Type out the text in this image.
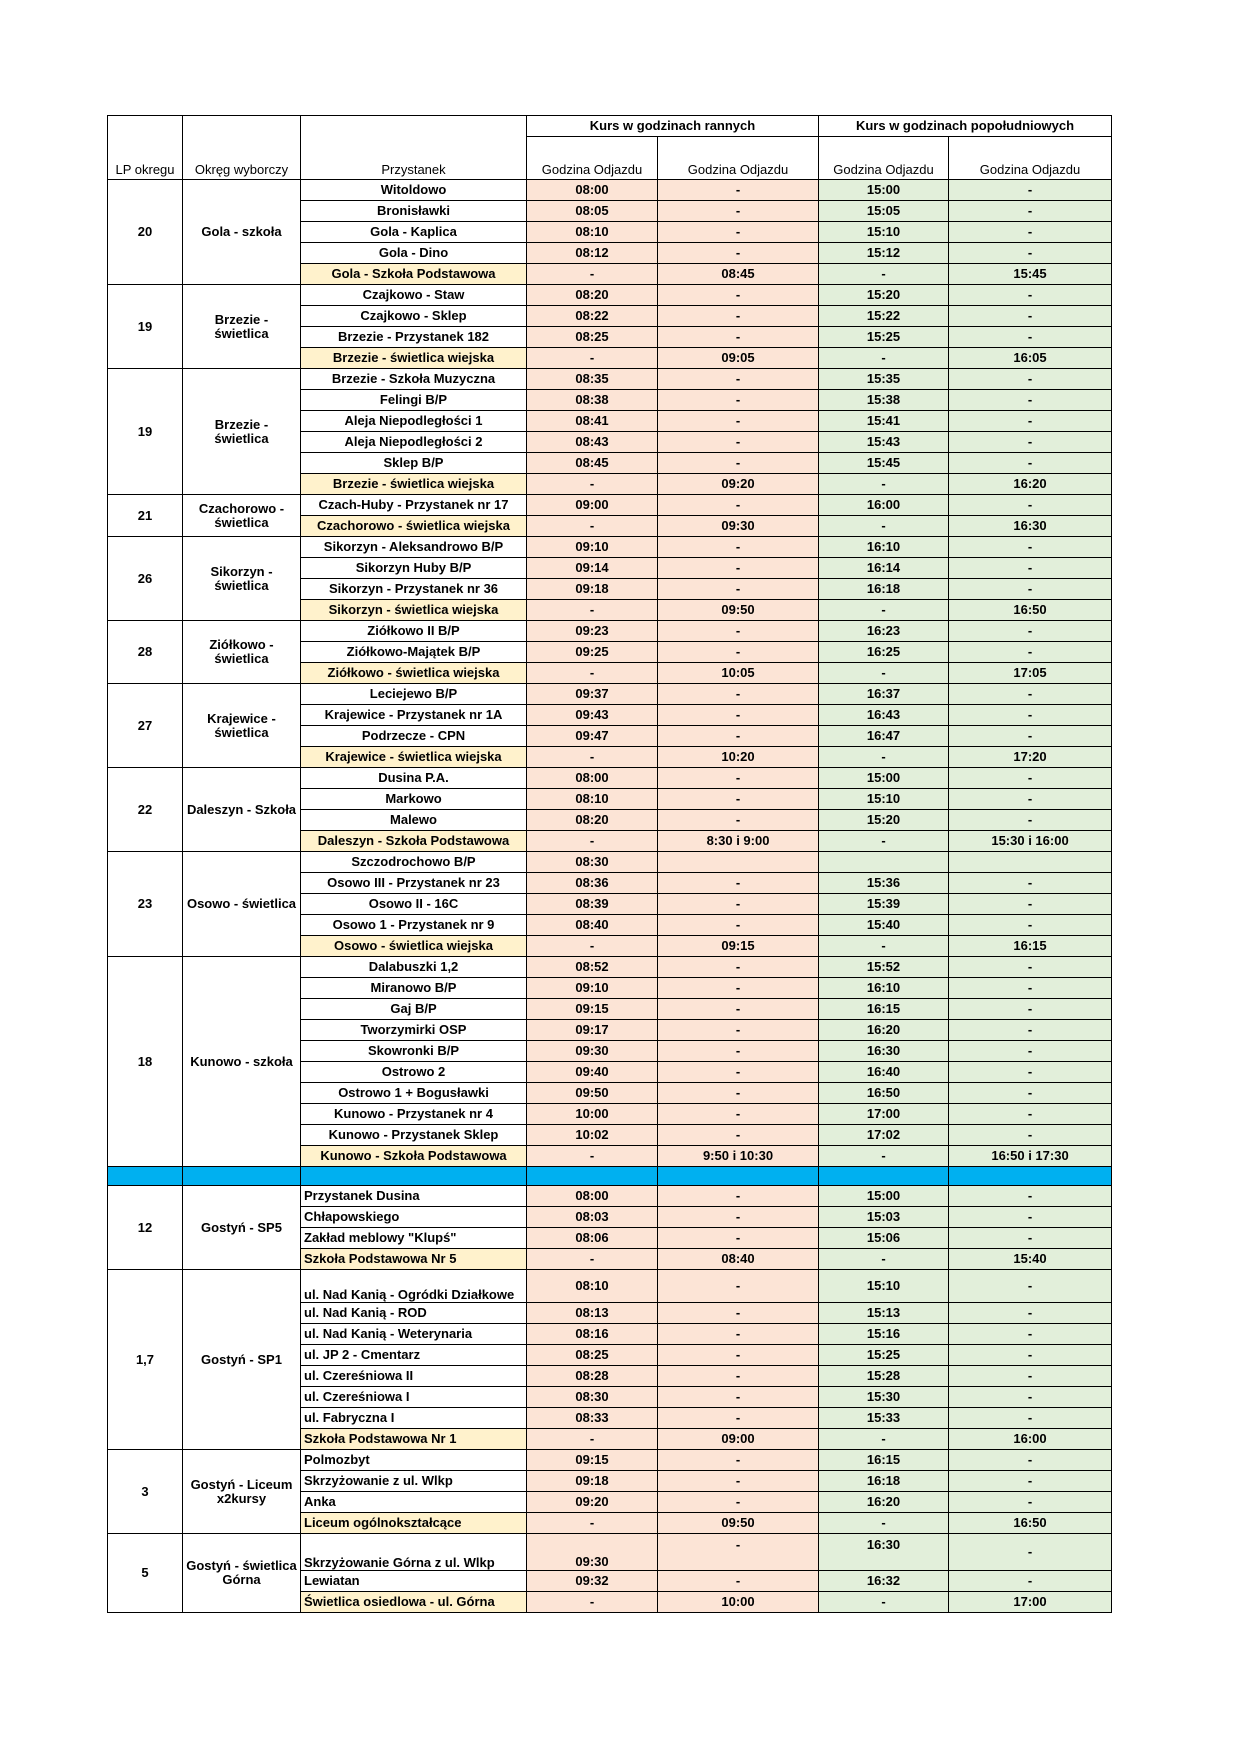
LP okregu	Okręg wyborczy	Przystanek	Kurs w godzinach rannych		Kurs w godzinach popołudniowych	
			Godzina Odjazdu	Godzina Odjazdu	Godzina Odjazdu	Godzina Odjazdu
20	Gola - szkoła	Witoldowo	08:00	-	15:00	-
		Bronisławki	08:05	-	15:05	-
		Gola - Kaplica	08:10	-	15:10	-
		Gola - Dino	08:12	-	15:12	-
		Gola - Szkoła Podstawowa	-	08:45	-	15:45
19	Brzezie - świetlica	Czajkowo - Staw	08:20	-	15:20	-
		Czajkowo - Sklep	08:22	-	15:22	-
		Brzezie - Przystanek 182	08:25	-	15:25	-
		Brzezie - świetlica wiejska	-	09:05	-	16:05
19	Brzezie - świetlica	Brzezie - Szkoła Muzyczna	08:35	-	15:35	-
		Felingi B/P	08:38	-	15:38	-
		Aleja Niepodległości 1	08:41	-	15:41	-
		Aleja Niepodległości 2	08:43	-	15:43	-
		Sklep B/P	08:45	-	15:45	-
		Brzezie - świetlica wiejska	-	09:20	-	16:20
21	Czachorowo - świetlica	Czach-Huby - Przystanek nr 17	09:00	-	16:00	-
		Czachorowo - świetlica wiejska	-	09:30	-	16:30
26	Sikorzyn - świetlica	Sikorzyn - Aleksandrowo B/P	09:10	-	16:10	-
		Sikorzyn Huby B/P	09:14	-	16:14	-
		Sikorzyn - Przystanek nr 36	09:18	-	16:18	-
		Sikorzyn - świetlica wiejska	-	09:50	-	16:50
28	Ziółkowo - świetlica	Ziółkowo II B/P	09:23	-	16:23	-
		Ziółkowo-Majątek B/P	09:25	-	16:25	-
		Ziółkowo - świetlica wiejska	-	10:05	-	17:05
27	Krajewice - świetlica	Leciejewo B/P	09:37	-	16:37	-
		Krajewice - Przystanek nr 1A	09:43	-	16:43	-
		Podrzecze - CPN	09:47	-	16:47	-
		Krajewice - świetlica wiejska	-	10:20	-	17:20
22	Daleszyn - Szkoła	Dusina P.A.	08:00	-	15:00	-
		Markowo	08:10	-	15:10	-
		Malewo	08:20	-	15:20	-
		Daleszyn - Szkoła Podstawowa	-	8:30 i 9:00	-	15:30 i 16:00
23	Osowo - świetlica	Szczodrochowo B/P	08:30			
		Osowo III - Przystanek nr 23	08:36	-	15:36	-
		Osowo II - 16C	08:39	-	15:39	-
		Osowo 1 - Przystanek nr 9	08:40	-	15:40	-
		Osowo - świetlica wiejska	-	09:15	-	16:15
18	Kunowo - szkoła	Dalabuszki 1,2	08:52	-	15:52	-
		Miranowo B/P	09:10	-	16:10	-
		Gaj B/P	09:15	-	16:15	-
		Tworzymirki OSP	09:17	-	16:20	-
		Skowronki B/P	09:30	-	16:30	-
		Ostrowo 2	09:40	-	16:40	-
		Ostrowo 1 + Bogusławki	09:50	-	16:50	-
		Kunowo - Przystanek nr 4	10:00	-	17:00	-
		Kunowo - Przystanek Sklep	10:02	-	17:02	-
		Kunowo - Szkoła Podstawowa	-	9:50 i 10:30	-	16:50 i 17:30

12	Gostyń - SP5	Przystanek Dusina	08:00	-	15:00	-
		Chłapowskiego	08:03	-	15:03	-
		Zakład meblowy "Klupś"	08:06	-	15:06	-
		Szkoła Podstawowa Nr 5	-	08:40	-	15:40
1,7	Gostyń - SP1	ul. Nad Kanią - Ogródki Działkowe	08:10	-	15:10	-
		ul. Nad Kanią - ROD	08:13	-	15:13	-
		ul. Nad Kanią - Weterynaria	08:16	-	15:16	-
		ul. JP 2 - Cmentarz	08:25	-	15:25	-
		ul. Czereśniowa II	08:28	-	15:28	-
		ul. Czereśniowa I	08:30	-	15:30	-
		ul. Fabryczna I	08:33	-	15:33	-
		Szkoła Podstawowa Nr 1	-	09:00	-	16:00
3	Gostyń - Liceum x2kursy	Polmozbyt	09:15	-	16:15	-
		Skrzyżowanie z ul. Wlkp	09:18	-	16:18	-
		Anka	09:20	-	16:20	-
		Liceum ogólnokształcące	-	09:50	-	16:50
5	Gostyń - świetlica Górna	Skrzyżowanie Górna z ul. Wlkp	09:30	-	16:30	-
		Lewiatan	09:32	-	16:32	-
		Świetlica osiedlowa - ul. Górna	-	10:00	-	17:00
